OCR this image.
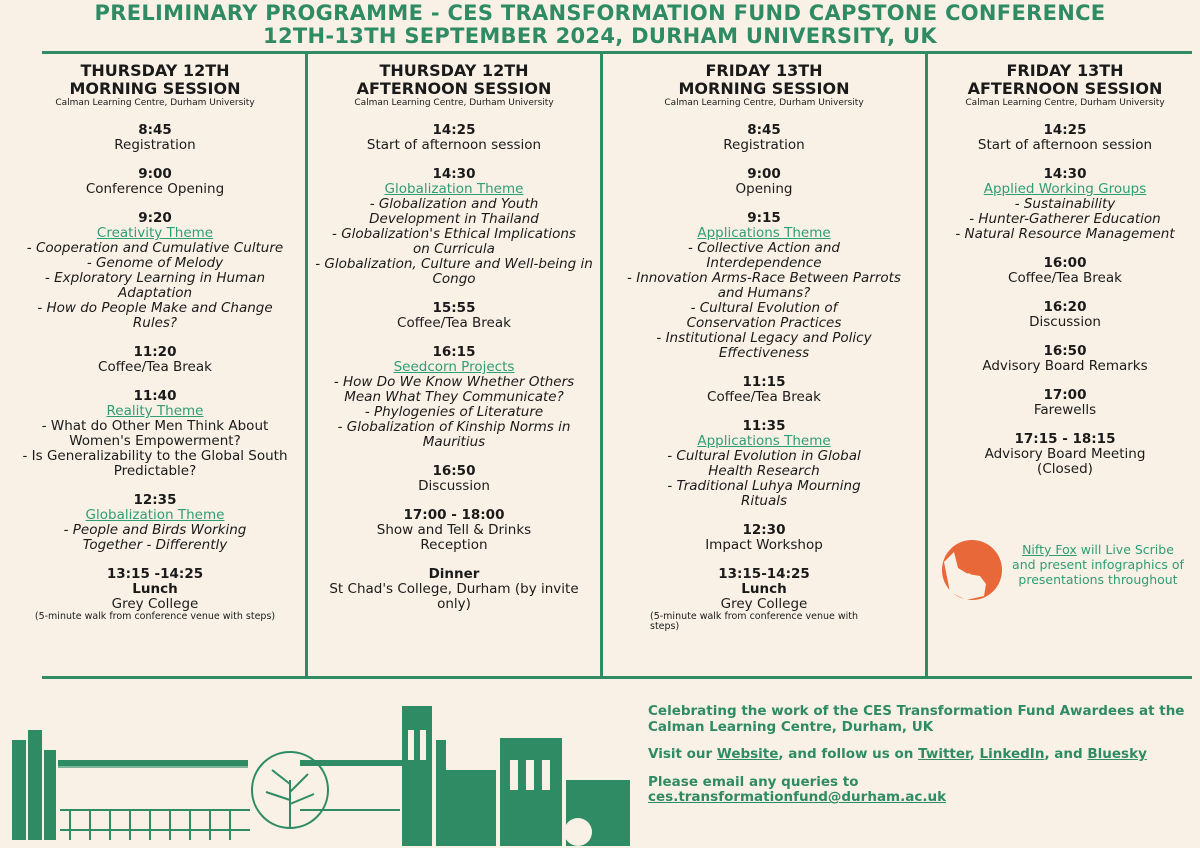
PRELIMINARY PROGRAMME - CES TRANSFORMATION FUND CAPSTONE CONFERENCE
12TH-13TH SEPTEMBER 2024, DURHAM UNIVERSITY, UK
THURSDAY 12TH
MORNING SESSION
Calman Learning Centre, Durham University
8:45
Registration
9:00
Conference Opening
9:20
Creativity Theme
- Cooperation and Cumulative Culture
- Genome of Melody
- Exploratory Learning in Human Adaptation
- How do People Make and Change Rules?
11:20
Coffee/Tea Break
11:40
Reality Theme
- What do Other Men Think About Women's Empowerment?
- Is Generalizability to the Global South Predictable?
12:35
Globalization Theme
- People and Birds Working Together - Differently
13:15 -14:25
Lunch
Grey College
(5-minute walk from conference venue with steps)
THURSDAY 12TH
AFTERNOON SESSION
Calman Learning Centre, Durham University
14:25
Start of afternoon session
14:30
Globalization Theme
- Globalization and Youth Development in Thailand
- Globalization's Ethical Implications on Curricula
- Globalization, Culture and Well-being in Congo
15:55
Coffee/Tea Break
16:15
Seedcorn Projects
- How Do We Know Whether Others Mean What They Communicate?
- Phylogenies of Literature
- Globalization of Kinship Norms in Mauritius
16:50
Discussion
17:00 - 18:00
Show and Tell & Drinks Reception
Dinner
St Chad's College, Durham (by invite only)
FRIDAY 13TH
MORNING SESSION
Calman Learning Centre, Durham University
8:45
Registration
9:00
Opening
9:15
Applications Theme
- Collective Action and Interdependence
- Innovation Arms-Race Between Parrots and Humans?
- Cultural Evolution of Conservation Practices
- Institutional Legacy and Policy Effectiveness
11:15
Coffee/Tea Break
11:35
Applications Theme
- Cultural Evolution in Global Health Research
- Traditional Luhya Mourning Rituals
12:30
Impact Workshop
13:15-14:25
Lunch
Grey College
(5-minute walk from conference venue with steps)
FRIDAY 13TH
AFTERNOON SESSION
Calman Learning Centre, Durham University
14:25
Start of afternoon session
14:30
Applied Working Groups
- Sustainability
- Hunter-Gatherer Education
- Natural Resource Management
16:00
Coffee/Tea Break
16:20
Discussion
16:50
Advisory Board Remarks
17:00
Farewells
17:15 - 18:15
Advisory Board Meeting (Closed)
Nifty Fox will Live Scribe and present infographics of presentations throughout

Celebrating the work of the CES Transformation Fund Awardees at the Calman Learning Centre, Durham, UK

Visit our Website, and follow us on Twitter, LinkedIn, and Bluesky

Please email any queries to
ces.transformationfund@durham.ac.uk
